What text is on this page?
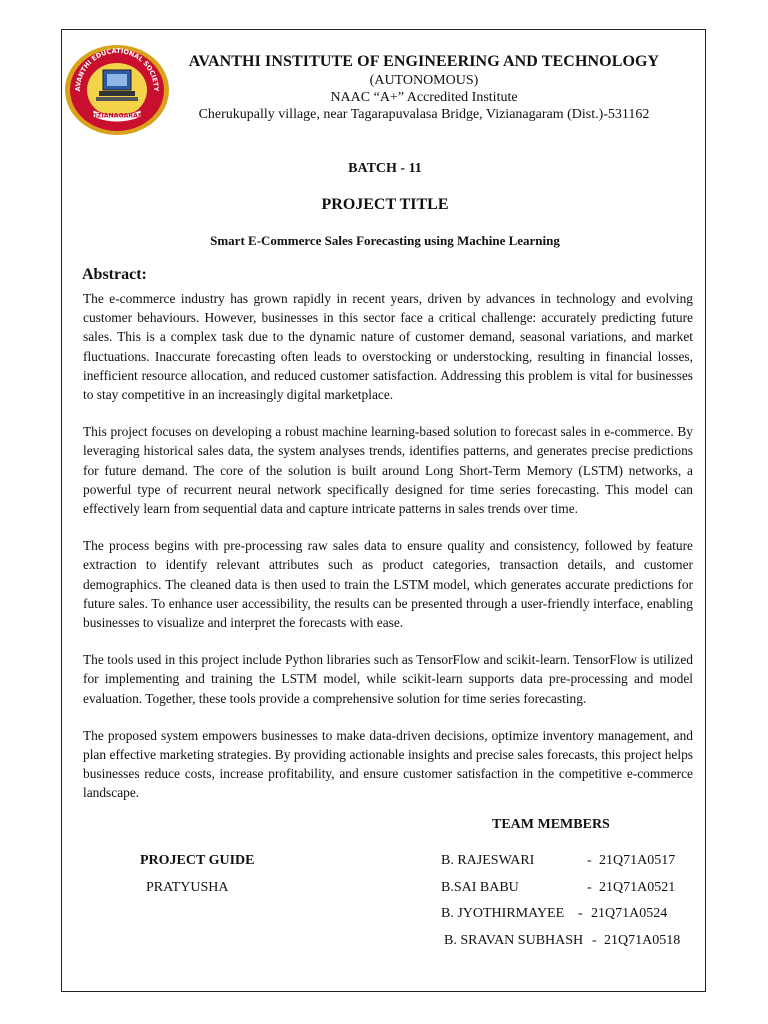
AVANTHI EDUCATIONAL SOCIETY
VIZIANAGARAM

AVANTHI INSTITUTE OF ENGINEERING AND TECHNOLOGY

(AUTONOMOUS)

NAAC “A+” Accredited Institute

Cherukupally village, near Tagarapuvalasa Bridge, Vizianagaram (Dist.)-531162

BATCH - 11
PROJECT TITLE
Smart E-Commerce Sales Forecasting using Machine Learning
Abstract:

The e-commerce industry has grown rapidly in recent years, driven by advances in technology and evolving customer behaviours. However, businesses in this sector face a critical challenge: accurately predicting future sales. This is a complex task due to the dynamic nature of customer demand, seasonal variations, and market fluctuations. Inaccurate forecasting often leads to overstocking or understocking, resulting in financial losses, inefficient resource allocation, and reduced customer satisfaction. Addressing this problem is vital for businesses to stay competitive in an increasingly digital marketplace.

This project focuses on developing a robust machine learning-based solution to forecast sales in e-commerce. By leveraging historical sales data, the system analyses trends, identifies patterns, and generates precise predictions for future demand. The core of the solution is built around Long Short-Term Memory (LSTM) networks, a powerful type of recurrent neural network specifically designed for time series forecasting. This model can effectively learn from sequential data and capture intricate patterns in sales trends over time.

The process begins with pre-processing raw sales data to ensure quality and consistency, followed by feature extraction to identify relevant attributes such as product categories, transaction details, and customer demographics. The cleaned data is then used to train the LSTM model, which generates accurate predictions for future sales. To enhance user accessibility, the results can be presented through a user-friendly interface, enabling businesses to visualize and interpret the forecasts with ease.

The tools used in this project include Python libraries such as TensorFlow and scikit-learn. TensorFlow is utilized for implementing and training the LSTM model, while scikit-learn supports data pre-processing and model evaluation. Together, these tools provide a comprehensive solution for time series forecasting.

The proposed system empowers businesses to make data-driven decisions, optimize inventory management, and plan effective marketing strategies. By providing actionable insights and precise sales forecasts, this project helps businesses reduce costs, increase profitability, and ensure customer satisfaction in the competitive e-commerce landscape.

TEAM MEMBERS
PROJECT GUIDE
PRATYUSHA
B. RAJESWARI	- 21Q71A0517
B.SAI BABU	- 21Q71A0521
B. JYOTHIRMAYEE - 21Q71A0524
B. SRAVAN SUBHASH - 21Q71A0518
